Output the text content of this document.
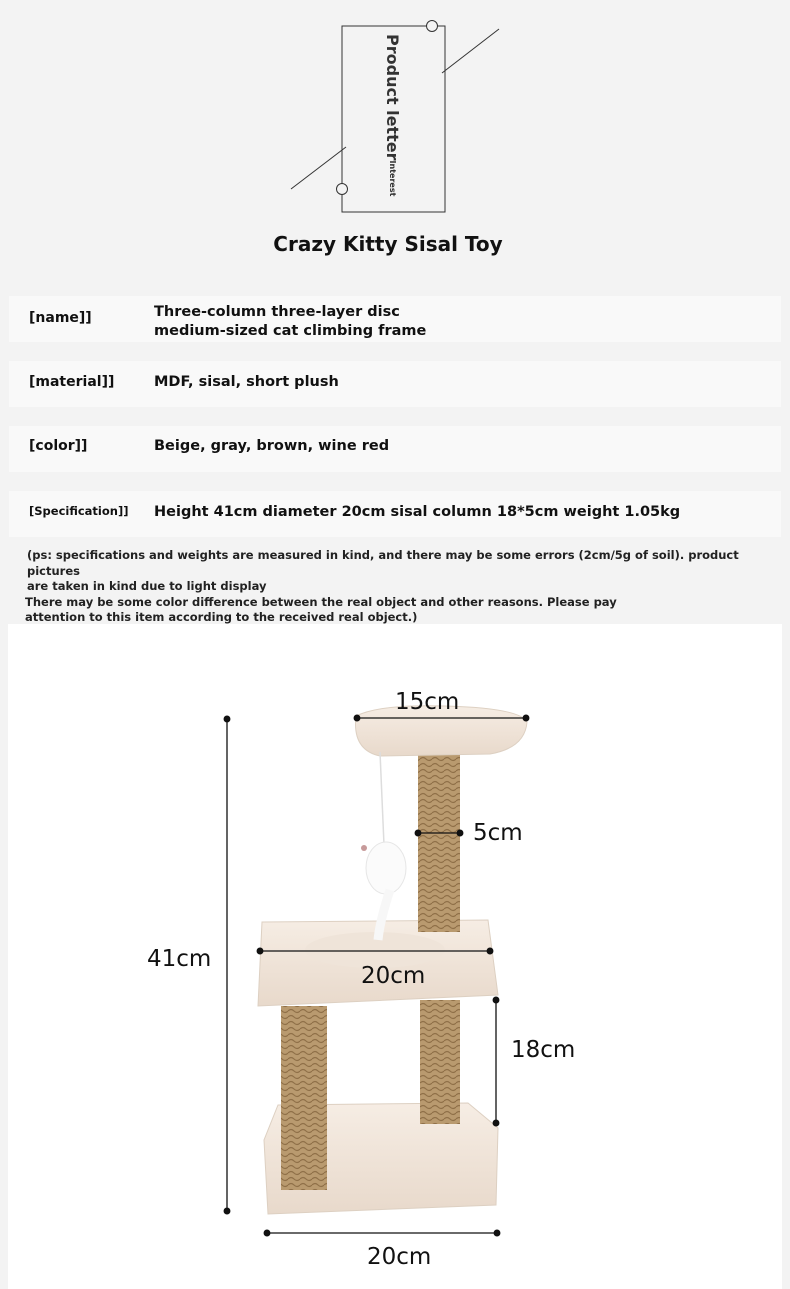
Product letterInterest
Crazy Kitty Sisal Toy
[name]]	Three-column three-layer disc
medium-sized cat climbing frame
[material]]	MDF, sisal, short plush
[color]]	Beige, gray, brown, wine red
[Specification]] Height 41cm diameter 20cm sisal column 18*5cm weight 1.05kg

(ps: specifications and weights are measured in kind, and there may be some errors (2cm/5g of soil). product pictures

are taken in kind due to light display

There may be some color difference between the real object and other reasons. Please pay

attention to this item according to the received real object.)

15cm
5cm
41cm
20cm
18cm
20cm
